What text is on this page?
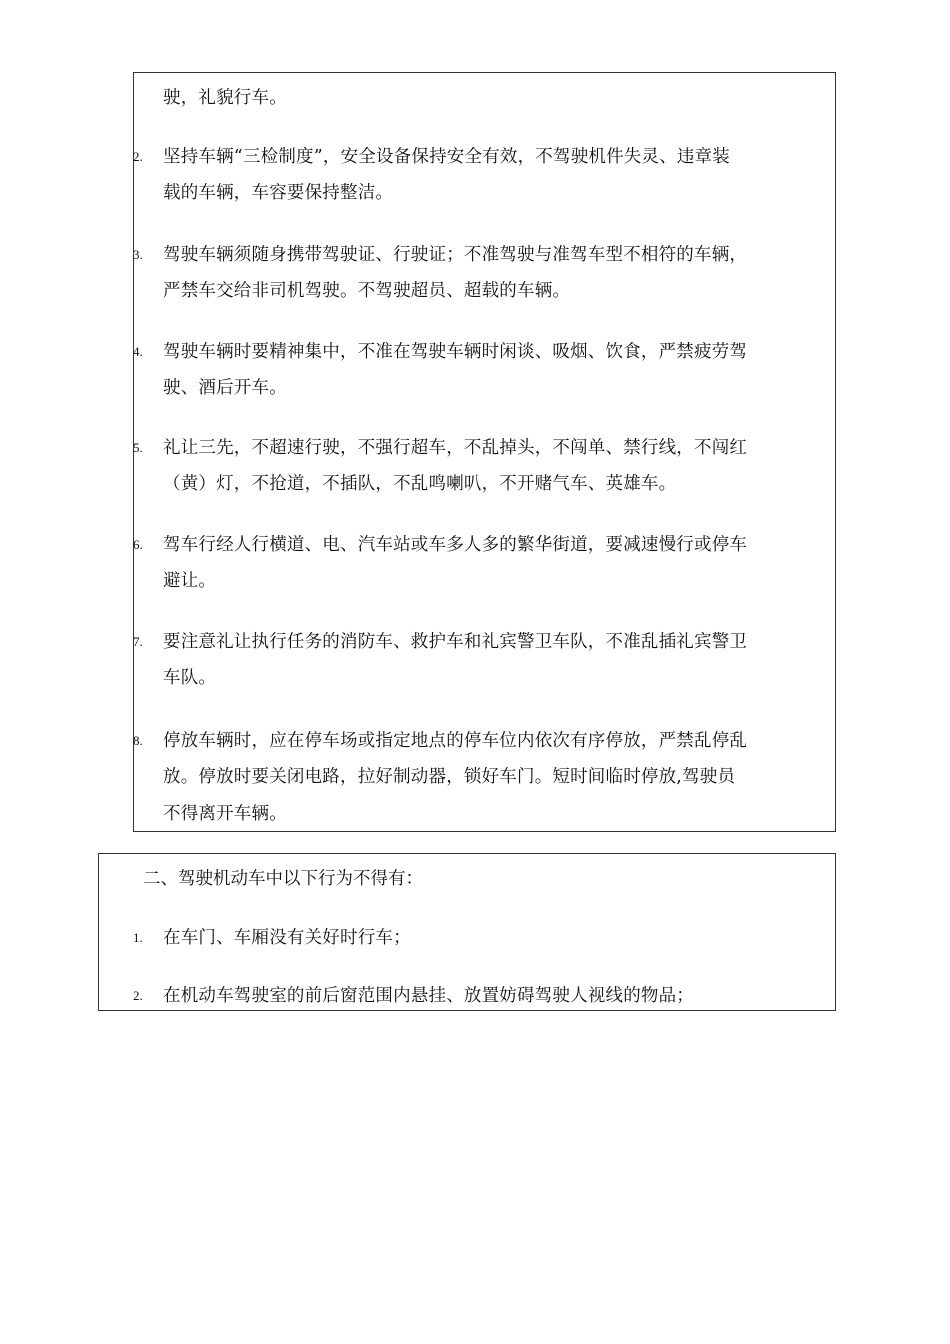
驶，礼貌行车。
2. 坚持车辆“三检制度”，安全设备保持安全有效，不驾驶机件失灵、违章装
载的车辆，车容要保持整洁。
3. 驾驶车辆须随身携带驾驶证、行驶证；不准驾驶与准驾车型不相符的车辆，
严禁车交给非司机驾驶。不驾驶超员、超载的车辆。
4. 驾驶车辆时要精神集中，不准在驾驶车辆时闲谈、吸烟、饮食，严禁疲劳驾
驶、酒后开车。
5. 礼让三先，不超速行驶，不强行超车，不乱掉头，不闯单、禁行线，不闯红
（黄）灯，不抢道，不插队，不乱鸣喇叭，不开赌气车、英雄车。
6. 驾车行经人行横道、电、汽车站或车多人多的繁华街道，要减速慢行或停车
避让。
7. 要注意礼让执行任务的消防车、救护车和礼宾警卫车队，不准乱插礼宾警卫
车队。
8. 停放车辆时，应在停车场或指定地点的停车位内依次有序停放，严禁乱停乱
放。停放时要关闭电路，拉好制动器，锁好车门。短时间临时停放,驾驶员
不得离开车辆。
二、驾驶机动车中以下行为不得有：
1. 在车门、车厢没有关好时行车；
2. 在机动车驾驶室的前后窗范围内悬挂、放置妨碍驾驶人视线的物品；
